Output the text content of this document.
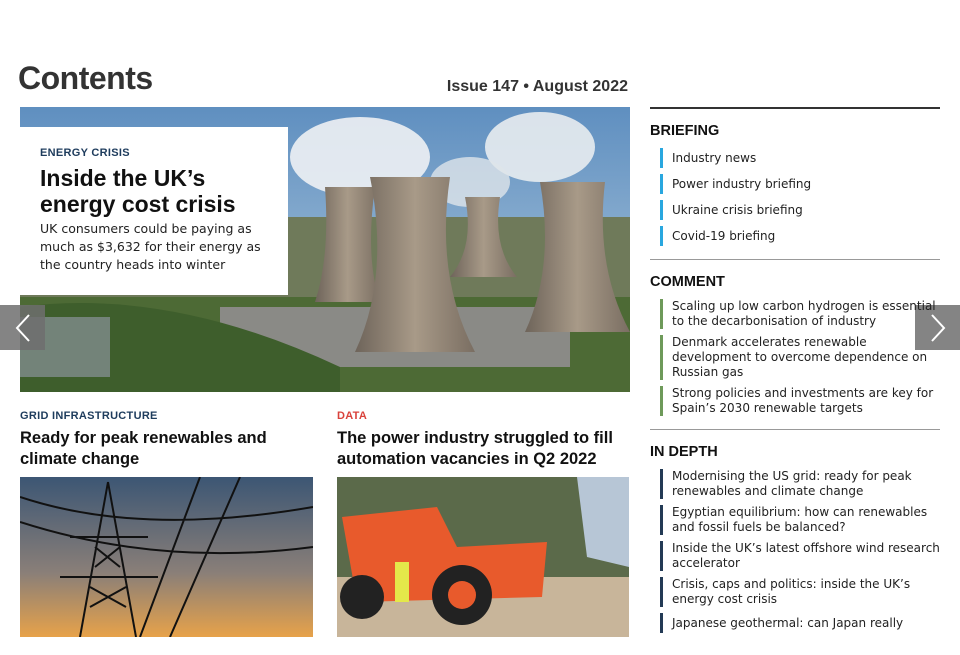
Contents	Issue 147 • August 2022
ENERGY CRISIS
Inside the UK’s energy cost crisis
UK consumers could be paying as much as $3,632 for their energy as the country heads into winter
GRID INFRASTRUCTURE
Ready for peak renewables and climate change
DATA
The power industry struggled to fill automation vacancies in Q2 2022
BRIEFING
Industry news
Power industry briefing
Ukraine crisis briefing
Covid-19 briefing
COMMENT
Scaling up low carbon hydrogen is essential to the decarbonisation of industry
Denmark accelerates renewable development to overcome dependence on Russian gas
Strong policies and investments are key for Spain’s 2030 renewable targets
IN DEPTH
Modernising the US grid: ready for peak renewables and climate change
Egyptian equilibrium: how can renewables and fossil fuels be balanced?
Inside the UK’s latest offshore wind research accelerator
Crisis, caps and politics: inside the UK’s energy cost crisis
Japanese geothermal: can Japan really
